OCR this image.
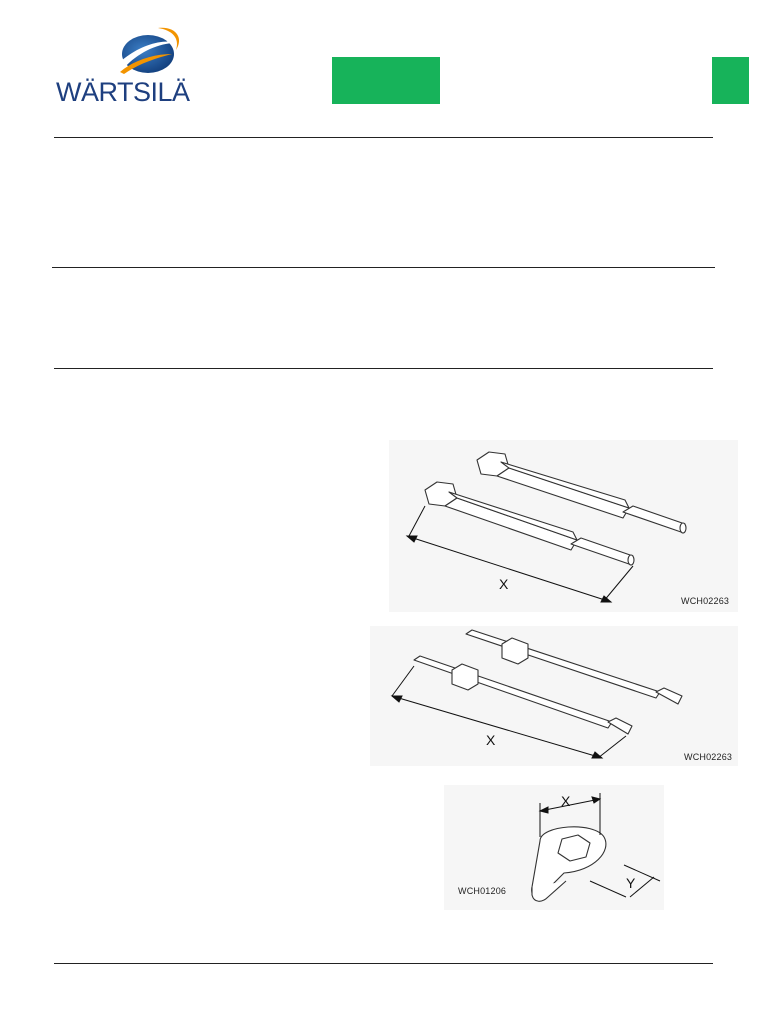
WÄRTSILÄ
X
WCH02263
X
WCH02263
X
Y
WCH01206
